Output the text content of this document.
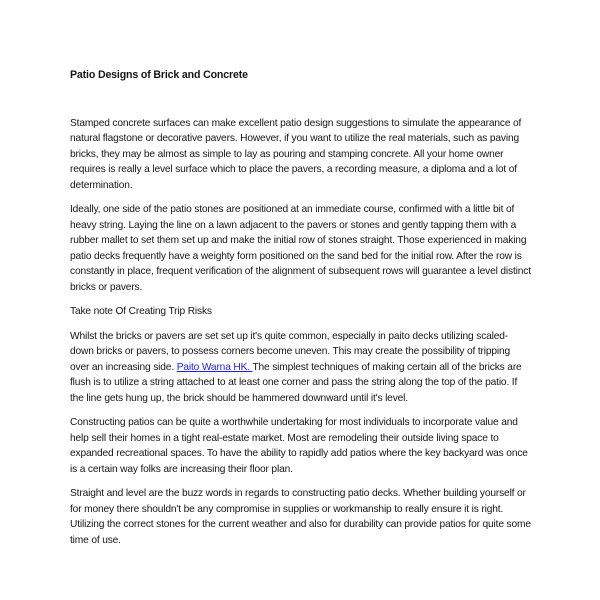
Patio Designs of Brick and Concrete

Stamped concrete surfaces can make excellent patio design suggestions to simulate the appearance of natural flagstone or decorative pavers. However, if you want to utilize the real materials, such as paving bricks, they may be almost as simple to lay as pouring and stamping concrete. All your home owner requires is really a level surface which to place the pavers, a recording measure, a diploma and a lot of determination.

Ideally, one side of the patio stones are positioned at an immediate course, confirmed with a little bit of heavy string. Laying the line on a lawn adjacent to the pavers or stones and gently tapping them with a rubber mallet to set them set up and make the initial row of stones straight. Those experienced in making patio decks frequently have a weighty form positioned on the sand bed for the initial row. After the row is constantly in place, frequent verification of the alignment of subsequent rows will guarantee a level distinct bricks or pavers.

Take note Of Creating Trip Risks

Whilst the bricks or pavers are set set up it's quite common, especially in paito decks utilizing scaled-down bricks or pavers, to possess corners become uneven. This may create the possibility of tripping over an increasing side. Paito Warna HK. The simplest techniques of making certain all of the bricks are flush is to utilize a string attached to at least one corner and pass the string along the top of the patio. If the line gets hung up, the brick should be hammered downward until it's level.

Constructing patios can be quite a worthwhile undertaking for most individuals to incorporate value and help sell their homes in a tight real-estate market. Most are remodeling their outside living space to expanded recreational spaces. To have the ability to rapidly add patios where the key backyard was once is a certain way folks are increasing their floor plan.

Straight and level are the buzz words in regards to constructing patio decks. Whether building yourself or for money there shouldn't be any compromise in supplies or workmanship to really ensure it is right. Utilizing the correct stones for the current weather and also for durability can provide patios for quite some time of use.
